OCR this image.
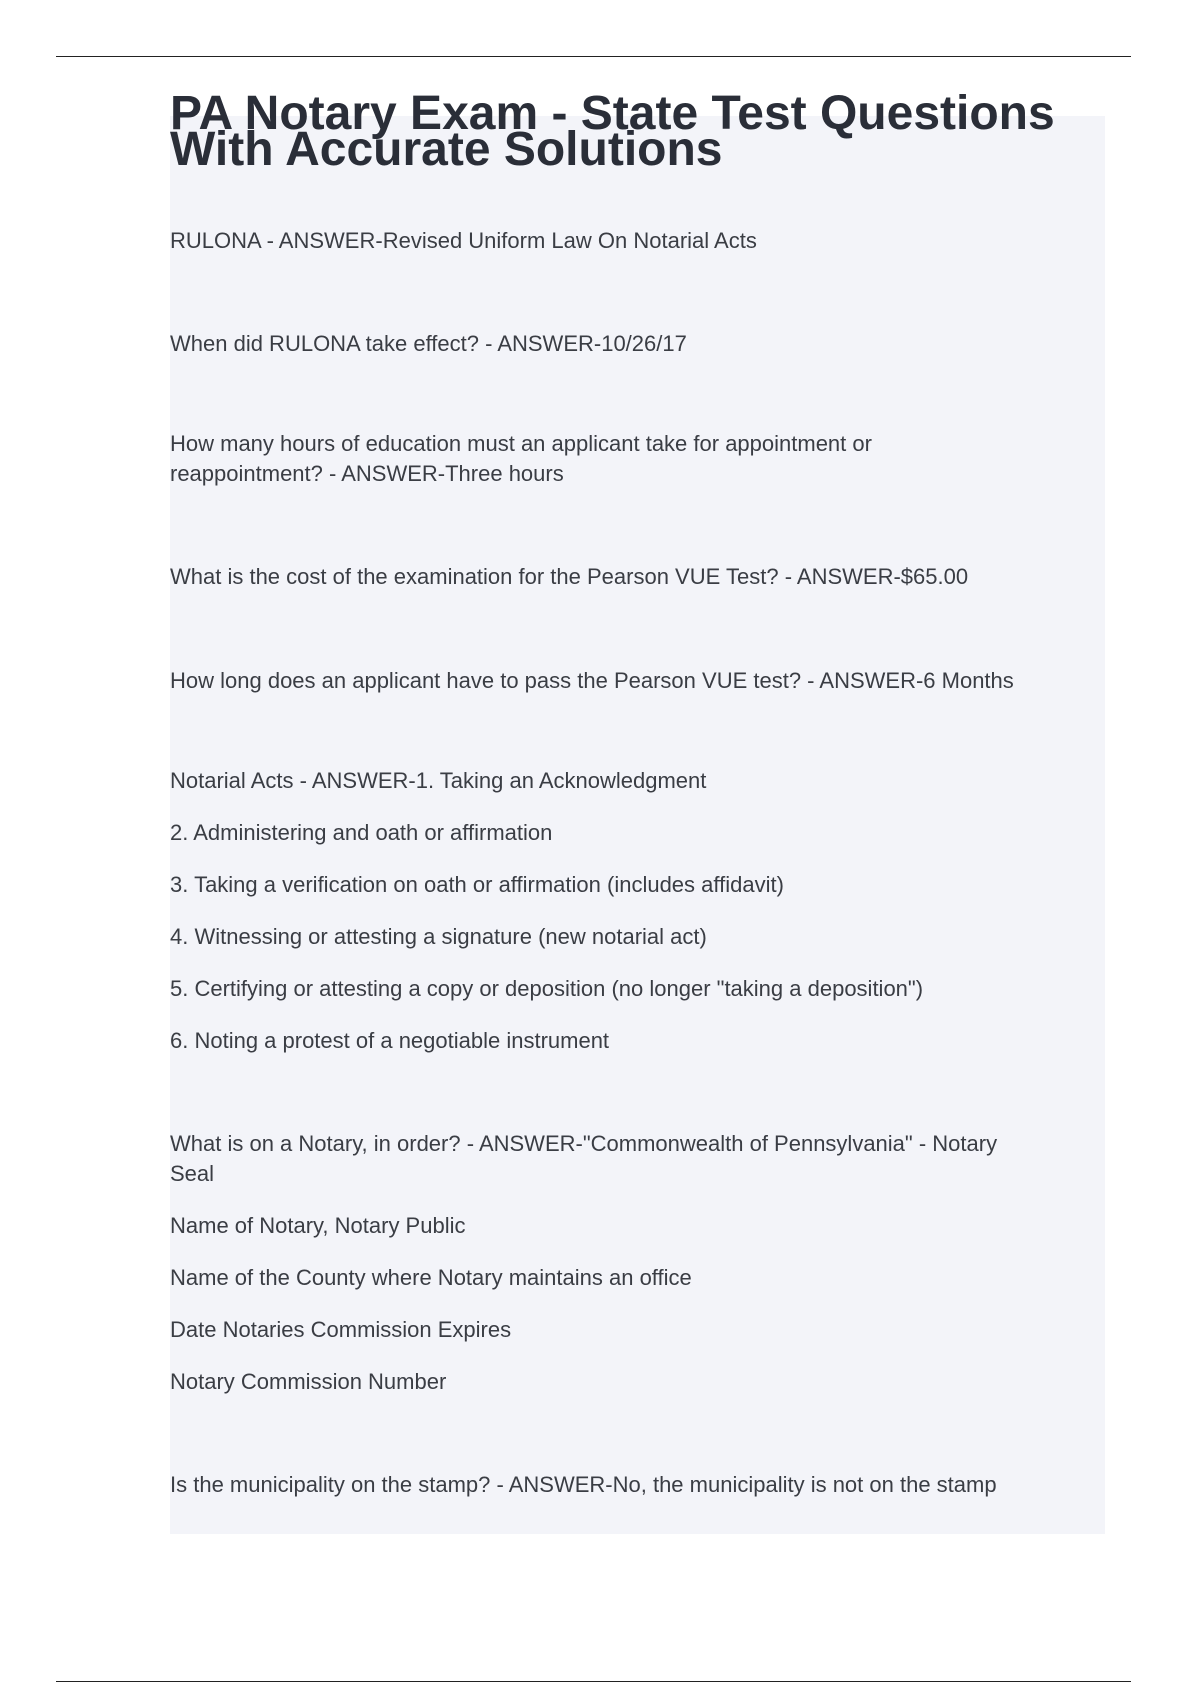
PA Notary Exam - State Test Questions With Accurate Solutions

RULONA - ANSWER-Revised Uniform Law On Notarial Acts

When did RULONA take effect? - ANSWER-10/26/17

How many hours of education must an applicant take for appointment or
reappointment? - ANSWER-Three hours

What is the cost of the examination for the Pearson VUE Test? - ANSWER-$65.00

How long does an applicant have to pass the Pearson VUE test? - ANSWER-6 Months

Notarial Acts - ANSWER-1. Taking an Acknowledgment
2. Administering and oath or affirmation
3. Taking a verification on oath or affirmation (includes affidavit)
4. Witnessing or attesting a signature (new notarial act)
5. Certifying or attesting a copy or deposition (no longer "taking a deposition")
6. Noting a protest of a negotiable instrument
What is on a Notary, in order? - ANSWER-"Commonwealth of Pennsylvania" - Notary
Seal
Name of Notary, Notary Public
Name of the County where Notary maintains an office
Date Notaries Commission Expires
Notary Commission Number

Is the municipality on the stamp? - ANSWER-No, the municipality is not on the stamp
